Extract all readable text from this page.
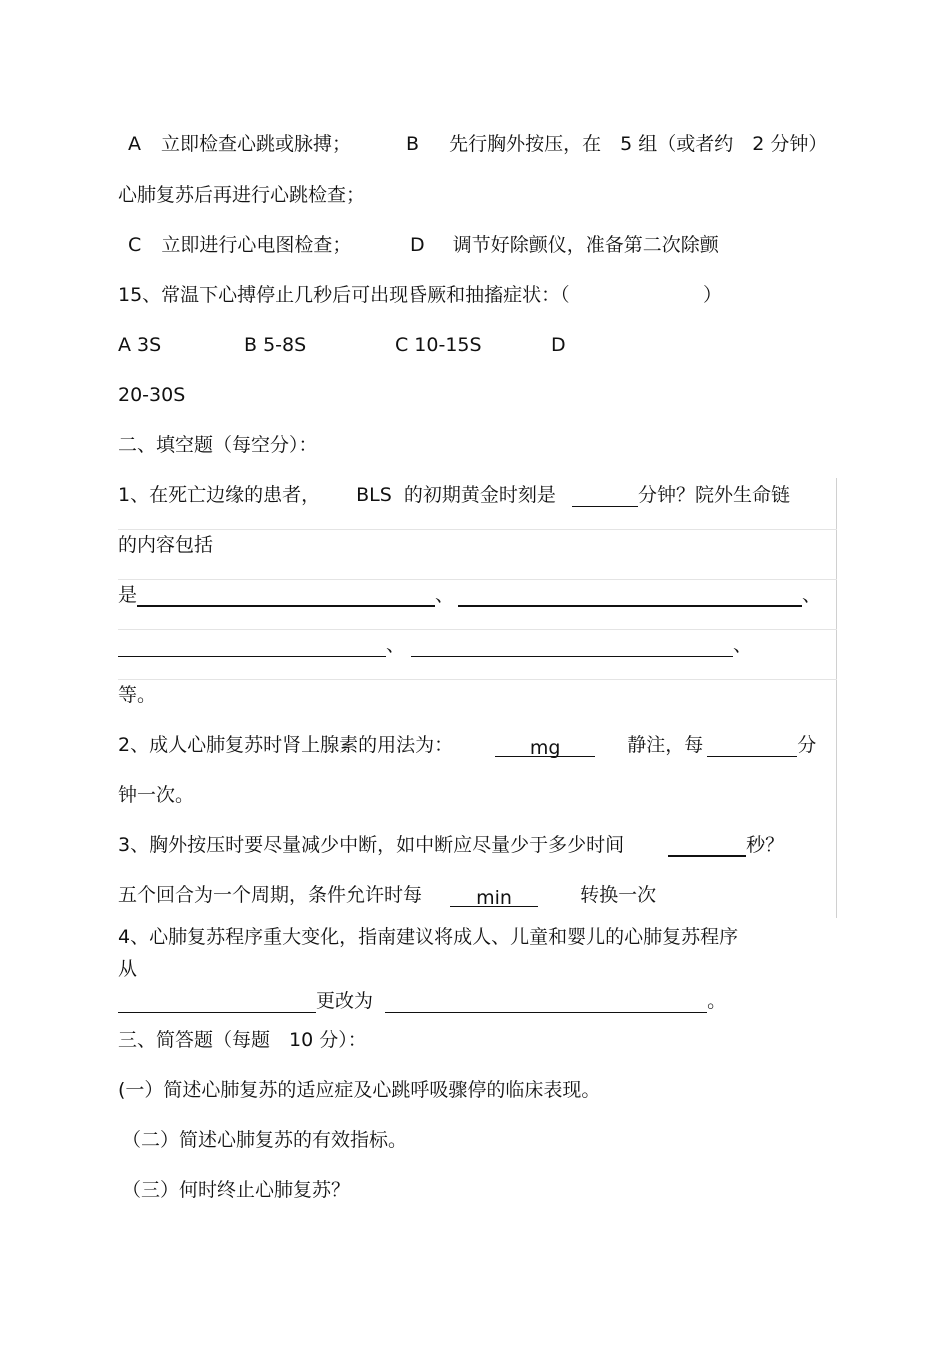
A 立即检查心跳或脉搏；	B 先行胸外按压，在　5 组（或者约　2 分钟）
心肺复苏后再进行心跳检查；
C 立即进行心电图检查；	D 调节好除颤仪，准备第二次除颤
15、常温下心搏停止几秒后可出现昏厥和抽搐症状：（	）
A 3S	B 5-8S	C 10-15S	D
20-30S
二、填空题（每空分）：
1、在死亡边缘的患者， BLS 的初期黄金时刻是	分钟？院外生命链
的内容包括
是	、	、
、	、
等。
2、成人心肺复苏时肾上腺素的用法为：	mg	静注，每	分
钟一次。
3、胸外按压时要尽量减少中断，如中断应尽量少于多少时间	秒？
五个回合为一个周期，条件允许时每	min	转换一次
4、心肺复苏程序重大变化，指南建议将成人、儿童和婴儿的心肺复苏程序
从
更改为	。
三、简答题（每题　10 分）：
(一）简述心肺复苏的适应症及心跳呼吸骤停的临床表现。
（二）简述心肺复苏的有效指标。
（三）何时终止心肺复苏？
